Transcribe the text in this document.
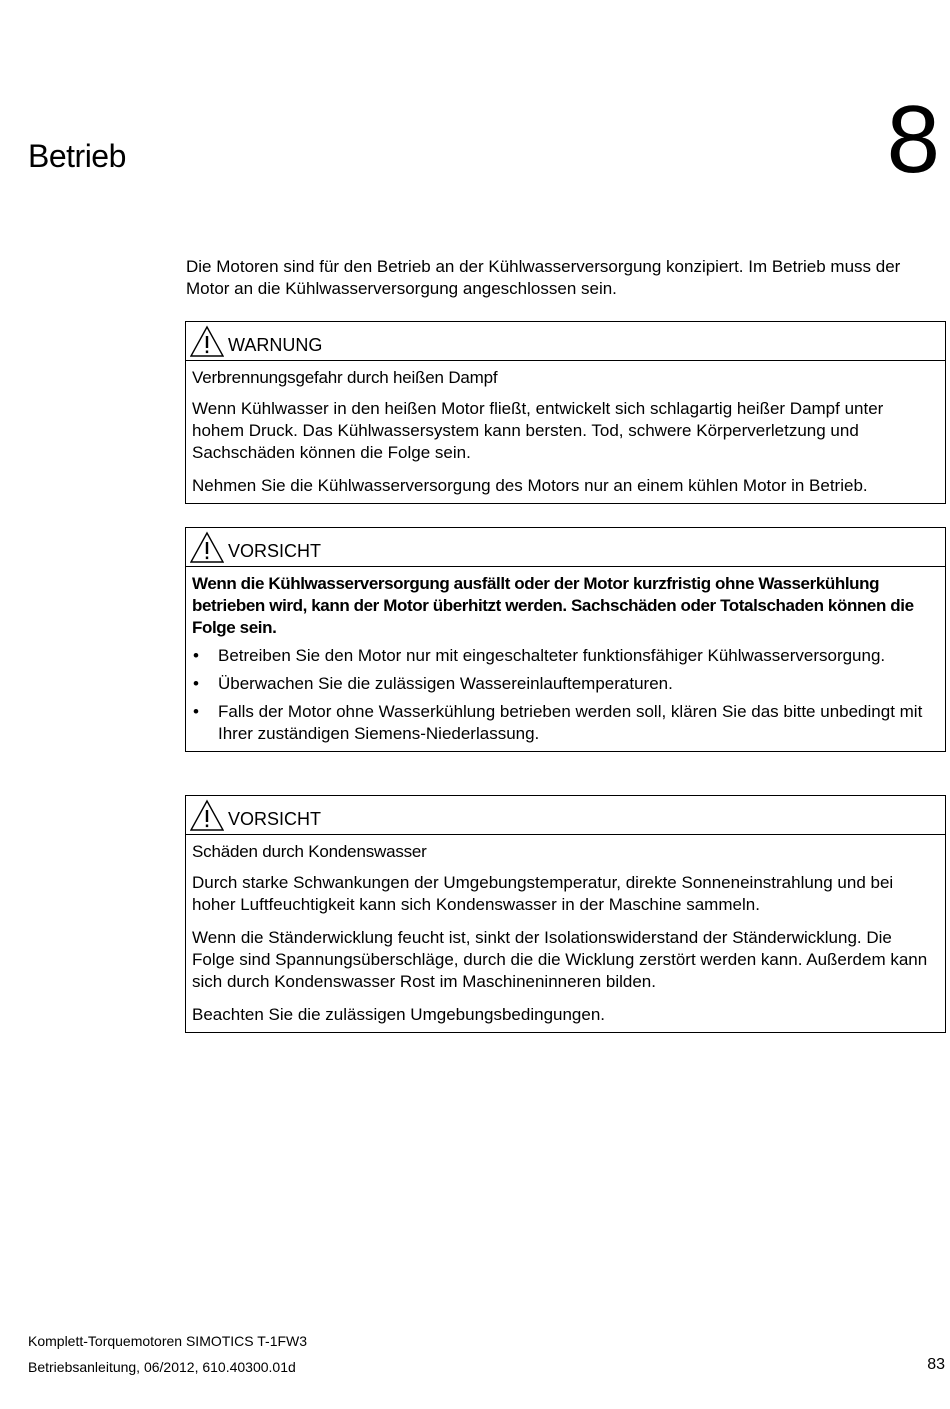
Betrieb	8

Die Motoren sind für den Betrieb an der Kühlwasserversorgung konzipiert. Im Betrieb muss der Motor an die Kühlwasserversorgung angeschlossen sein.

WARNUNG
Verbrennungsgefahr durch heißen Dampf

Wenn Kühlwasser in den heißen Motor fließt, entwickelt sich schlagartig heißer Dampf unter hohem Druck. Das Kühlwassersystem kann bersten. Tod, schwere Körperverletzung und Sachschäden können die Folge sein.

Nehmen Sie die Kühlwasserversorgung des Motors nur an einem kühlen Motor in Betrieb.

VORSICHT
Wenn die Kühlwasserversorgung ausfällt oder der Motor kurzfristig ohne Wasserkühlung betrieben wird, kann der Motor überhitzt werden. Sachschäden oder Totalschaden können die Folge sein.
• Betreiben Sie den Motor nur mit eingeschalteter funktionsfähiger Kühlwasserversorgung.
• Überwachen Sie die zulässigen Wassereinlauftemperaturen.
• Falls der Motor ohne Wasserkühlung betrieben werden soll, klären Sie das bitte unbedingt mit Ihrer zuständigen Siemens-Niederlassung.
VORSICHT
Schäden durch Kondenswasser

Durch starke Schwankungen der Umgebungstemperatur, direkte Sonneneinstrahlung und bei hoher Luftfeuchtigkeit kann sich Kondenswasser in der Maschine sammeln.

Wenn die Ständerwicklung feucht ist, sinkt der Isolationswiderstand der Ständerwicklung. Die Folge sind Spannungsüberschläge, durch die die Wicklung zerstört werden kann. Außerdem kann sich durch Kondenswasser Rost im Maschineninneren bilden.

Beachten Sie die zulässigen Umgebungsbedingungen.

Komplett-Torquemotoren SIMOTICS T-1FW3
Betriebsanleitung, 06/2012, 610.40300.01d	83
